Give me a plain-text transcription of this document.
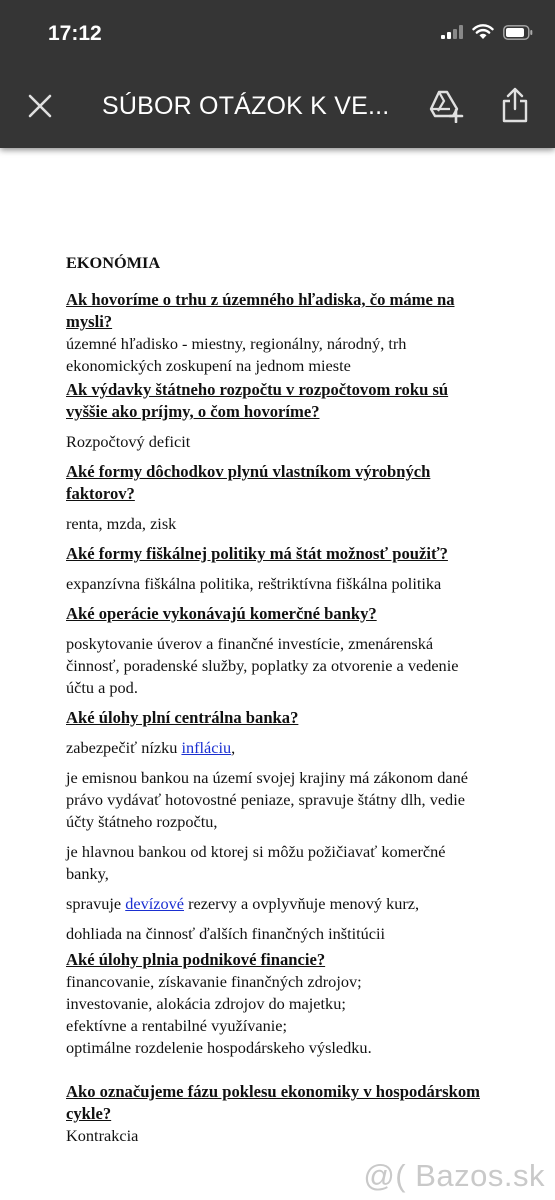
17:12
SÚBOR OTÁZOK K VE...

EKONÓMIA

Ak hovoríme o trhu z územného hľadiska, čo máme na mysli?

územné hľadisko - miestny, regionálny, národný, trh

ekonomických zoskupení na jednom mieste

Ak výdavky štátneho rozpočtu v rozpočtovom roku sú vyššie ako príjmy, o čom hovoríme?

Rozpočtový deficit

Aké formy dôchodkov plynú vlastníkom výrobných faktorov?

renta, mzda, zisk

Aké formy fiškálnej politiky má štát možnosť použiť?

expanzívna fiškálna politika, reštriktívna fiškálna politika

Aké operácie vykonávajú komerčné banky?

poskytovanie úverov a finančné investície, zmenárenská činnosť, poradenské služby, poplatky za otvorenie a vedenie účtu a pod.

Aké úlohy plní centrálna banka?

zabezpečiť nízku infláciu,

je emisnou bankou na území svojej krajiny má zákonom dané právo vydávať hotovostné peniaze, spravuje štátny dlh, vedie účty štátneho rozpočtu,

je hlavnou bankou od ktorej si môžu požičiavať komerčné banky,

spravuje devízové rezervy a ovplyvňuje menový kurz,

dohliada na činnosť ďalších finančných inštitúcii

Aké úlohy plnia podnikové financie?

financovanie, získavanie finančných zdrojov;

investovanie, alokácia zdrojov do majetku;

efektívne a rentabilné využívanie;

optimálne rozdelenie hospodárskeho výsledku.

Ako označujeme fázu poklesu ekonomiky v hospodárskom cykle?

Kontrakcia

@( Bazos.sk
